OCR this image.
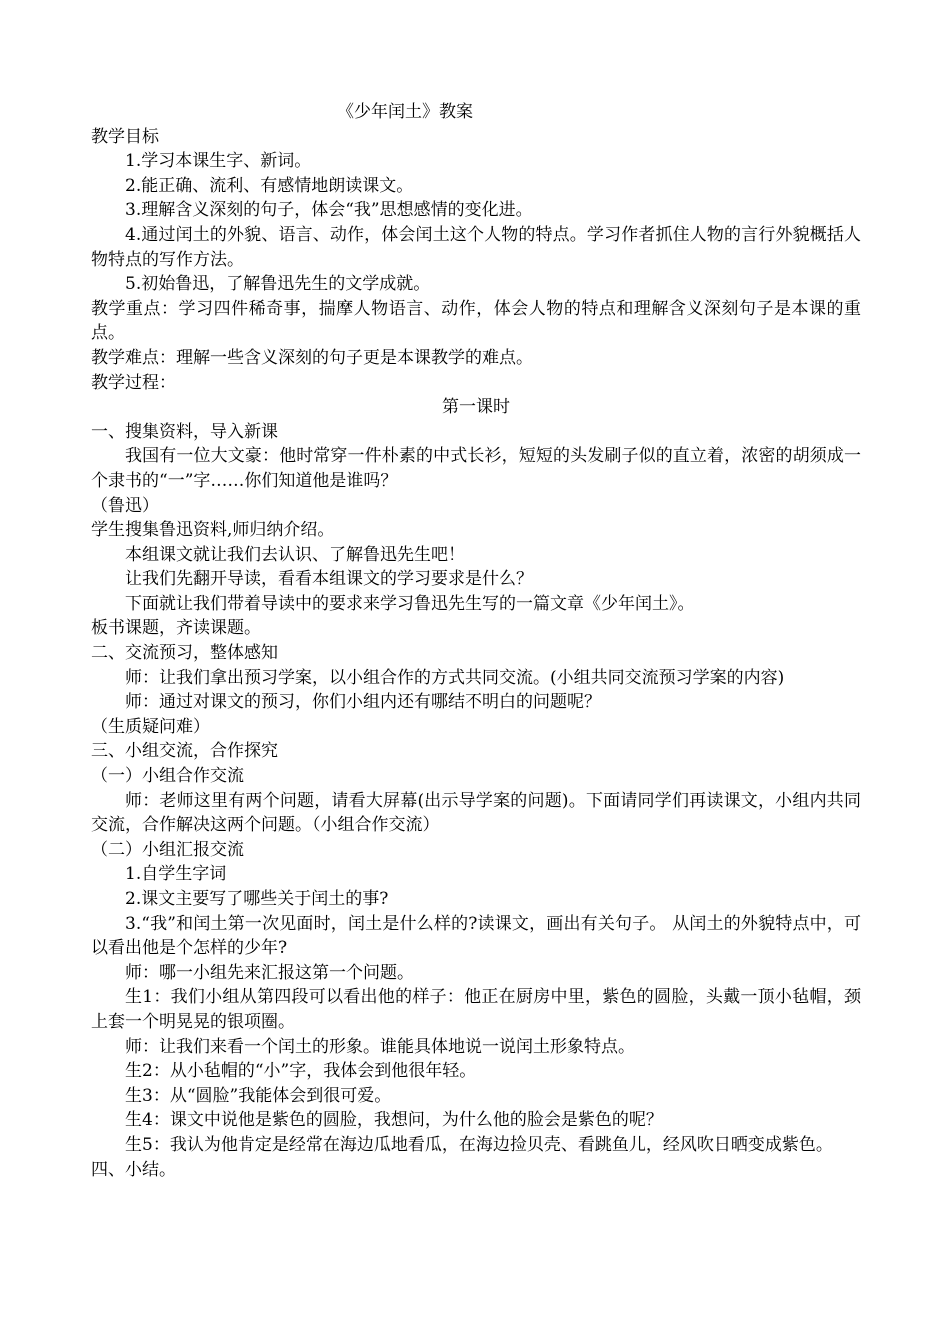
《少年闰土》教案

教学目标

1.学习本课生字、新词。

2.能正确、流利、有感情地朗读课文。

3.理解含义深刻的句子，体会“我”思想感情的变化进。

4.通过闰土的外貌、语言、动作，体会闰土这个人物的特点。学习作者抓住人物的言行外貌概括人物特点的写作方法。

5.初始鲁迅，了解鲁迅先生的文学成就。

教学重点：学习四件稀奇事，揣摩人物语言、动作，体会人物的特点和理解含义深刻句子是本课的重点。

教学难点：理解一些含义深刻的句子更是本课教学的难点。

教学过程：

第一课时

一、搜集资料，导入新课

我国有一位大文豪：他时常穿一件朴素的中式长衫，短短的头发刷子似的直立着，浓密的胡须成一个隶书的“一”字……你们知道他是谁吗？

（鲁迅）

学生搜集鲁迅资料,师归纳介绍。

本组课文就让我们去认识、了解鲁迅先生吧！

让我们先翻开导读，看看本组课文的学习要求是什么？

下面就让我们带着导读中的要求来学习鲁迅先生写的一篇文章《少年闰土》。

板书课题，齐读课题。

二、交流预习，整体感知

师：让我们拿出预习学案，以小组合作的方式共同交流。(小组共同交流预习学案的内容)

师：通过对课文的预习，你们小组内还有哪结不明白的问题呢？

（生质疑问难）

三、小组交流，合作探究

（一）小组合作交流

师：老师这里有两个问题，请看大屏幕(出示导学案的问题)。下面请同学们再读课文，小组内共同交流，合作解决这两个问题。（小组合作交流）

（二）小组汇报交流

1.自学生字词

2.课文主要写了哪些关于闰土的事?

3.“我”和闰土第一次见面时，闰土是什么样的?读课文，画出有关句子。 从闰土的外貌特点中，可以看出他是个怎样的少年?

师：哪一小组先来汇报这第一个问题。

生1：我们小组从第四段可以看出他的样子：他正在厨房中里，紫色的圆脸，头戴一顶小毡帽，颈上套一个明晃晃的银项圈。

师：让我们来看一个闰土的形象。谁能具体地说一说闰土形象特点。

生2：从小毡帽的“小”字，我体会到他很年轻。

生3：从“圆脸”我能体会到很可爱。

生4：课文中说他是紫色的圆脸，我想问，为什么他的脸会是紫色的呢？

生5：我认为他肯定是经常在海边瓜地看瓜，在海边捡贝壳、看跳鱼儿，经风吹日晒变成紫色。

四、小结。
